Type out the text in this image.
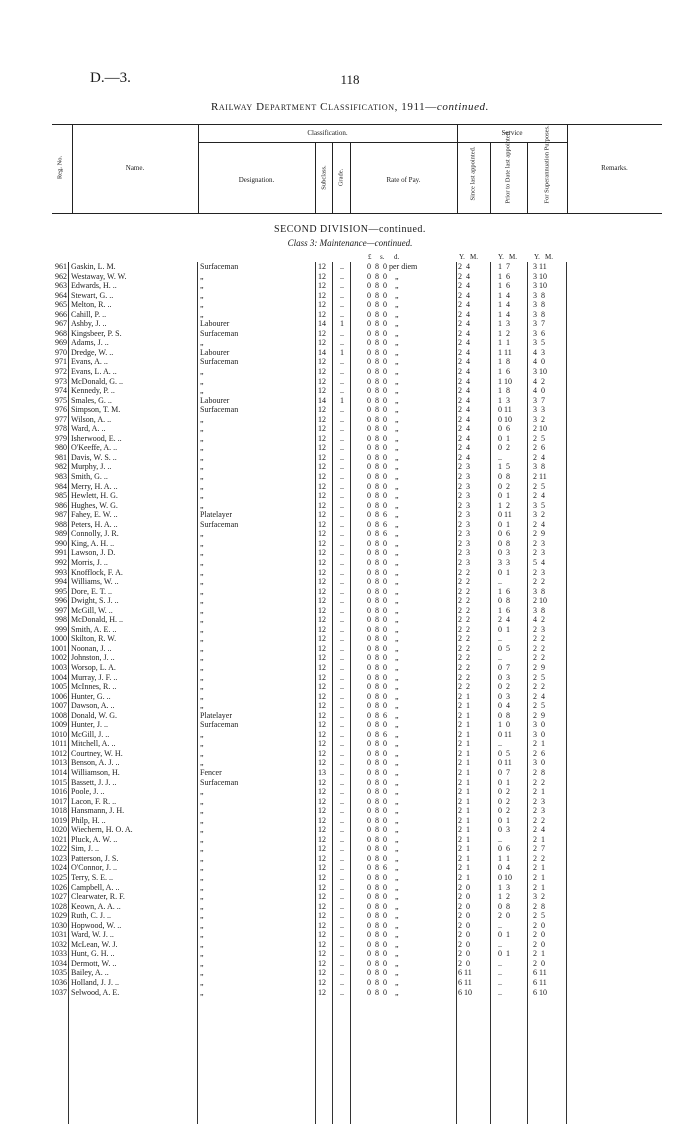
D.—3.	118
Railway Department Classification, 1911—continued.
Reg. No.	Name.
Classification.
Designation.	Subclass. Grade.	Rate of Pay.
Service
Since last appointed.	Prior to Date last appointed.	For Superannuation Purposes.	Remarks.
SECOND DIVISION—continued.
Class 3: Maintenance—continued.
£ s. d.	Y. M.	Y. M. Y. M.
961 Gaskin, L. M.	Surfaceman	12 ..	0  8  0 per diem	2  4	1  7	3 11
962 Westaway, W. W.	„	12 ..	0  8  0    „	2  4	1  6	3 10
963 Edwards, H. ..	„	12 ..	0  8  0    „	2  4	1  6	3 10
964 Stewart, G. ..	„	12 ..	0  8  0    „	2  4	1  4	3  8
965 Melton, R. ..	„	12 ..	0  8  0    „	2  4	1  4	3  8
966 Cahill, P. ..	„	12 ..	0  8  0    „	2  4	1  4	3  8
967 Ashby, J. ..	Labourer	14 1	0  8  0    „	2  4	1  3	3  7
968 Kingsbeer, P. S.	Surfaceman	12 ..	0  8  0    „	2  4	1  2	3  6
969 Adams, J. ..	„	12 ..	0  8  0    „	2  4	1  1	3  5
970 Dredge, W. ..	Labourer	14 1	0  8  0    „	2  4	1 11	4  3
971 Evans, A. ..	Surfaceman	12 ..	0  8  0    „	2  4	1  8	4  0
972 Evans, L. A. ..	„	12 ..	0  8  0    „	2  4	1  6	3 10
973 McDonald, G. ..	„	12 ..	0  8  0    „	2  4	1 10	4  2
974 Kennedy, P. ..	„	12 ..	0  8  0    „	2  4	1  8	4  0
975 Smales, G. ..	Labourer	14 1	0  8  0    „	2  4	1  3	3  7
976 Simpson, T. M.	Surfaceman	12 ..	0  8  0    „	2  4	0 11	3  3
977 Wilson, A. ..	„	12 ..	0  8  0    „	2  4	0 10	3  2
978 Ward, A. ..	„	12 ..	0  8  0    „	2  4	0  6	2 10
979 Isherwood, E. ..	„	12 ..	0  8  0    „	2  4	0  1	2  5
980 O'Keeffe, A. ..	„	12 ..	0  8  0    „	2  4	0  2	2  6
981 Davis, W. S. ..	„	12 ..	0  8  0    „	2  4	..	2  4
982 Murphy, J. ..	„	12 ..	0  8  0    „	2  3	1  5	3  8
983 Smith, G. ..	„	12 ..	0  8  0    „	2  3	0  8	2 11
984 Merry, H. A. ..	„	12 ..	0  8  0    „	2  3	0  2	2  5
985 Hewlett, H. G.	„	12 ..	0  8  0    „	2  3	0  1	2  4
986 Hughes, W. G.	„	12 ..	0  8  0    „	2  3	1  2	3  5
987 Fahey, E. W. ..	Platelayer	12 ..	0  8  6    „	2  3	0 11	3  2
988 Peters, H. A. ..	Surfaceman	12 ..	0  8  6    „	2  3	0  1	2  4
989 Connolly, J. R.	„	12 ..	0  8  6    „	2  3	0  6	2  9
990 King, A. H. ..	„	12 ..	0  8  0    „	2  3	0  8	2  3
991 Lawson, J. D.	„	12 ..	0  8  0    „	2  3	0  3	2  3
992 Morris, J. ..	„	12 ..	0  8  0    „	2  3	3  3	5  4
993 Knofflock, F. A.	„	12 ..	0  8  0    „	2  2	0  1	2  3
994 Williams, W. ..	„	12 ..	0  8  0    „	2  2	..	2  2
995 Dore, E. T. ..	„	12 ..	0  8  0    „	2  2	1  6	3  8
996 Dwight, S. J. ..	„	12 ..	0  8  0    „	2  2	0  8	2 10
997 McGill, W. ..	„	12 ..	0  8  0    „	2  2	1  6	3  8
998 McDonald, H. ..	„	12 ..	0  8  0    „	2  2	2  4	4  2
999 Smith, A. E. ..	„	12 ..	0  8  0    „	2  2	0  1	2  3
1000 Skilton, R. W.	„	12 ..	0  8  0    „	2  2	..	2  2
1001 Noonan, J. ..	„	12 ..	0  8  0    „	2  2	0  5	2  2
1002 Johnston, J. ..	„	12 ..	0  8  0    „	2  2	..	2  2
1003 Worsop, L. A.	„	12 ..	0  8  0    „	2  2	0  7	2  9
1004 Murray, J. F. ..	„	12 ..	0  8  0    „	2  2	0  3	2  5
1005 McInnes, R. ..	„	12 ..	0  8  0    „	2  2	0  2	2  2
1006 Hunter, G. ..	„	12 ..	0  8  0    „	2  1	0  3	2  4
1007 Dawson, A. ..	„	12 ..	0  8  0    „	2  1	0  4	2  5
1008 Donald, W. G.	Platelayer	12 ..	0  8  6    „	2  1	0  8	2  9
1009 Hunter, J. ..	Surfaceman	12 ..	0  8  0    „	2  1	1  0	3  0
1010 McGill, J. ..	„	12 ..	0  8  6    „	2  1	0 11	3  0
1011 Mitchell, A. ..	„	12 ..	0  8  0    „	2  1	..	2  1
1012 Courtney, W. H.	„	12 ..	0  8  0    „	2  1	0  5	2  6
1013 Benson, A. J. ..	„	12 ..	0  8  0    „	2  1	0 11	3  0
1014 Williamson, H.	Fencer	13 ..	0  8  0    „	2  1	0  7	2  8
1015 Bassett, J. J. ..	Surfaceman	12 ..	0  8  0    „	2  1	0  1	2  2
1016 Poole, J. ..	„	12 ..	0  8  0    „	2  1	0  2	2  1
1017 Lacon, F. R. ..	„	12 ..	0  8  0    „	2  1	0  2	2  3
1018 Hansmann, J. H.	„	12 ..	0  8  0    „	2  1	0  2	2  3
1019 Philp, H. ..	„	12 ..	0  8  0    „	2  1	0  1	2  2
1020 Wiechern, H. O. A.	„	12 ..	0  8  0    „	2  1	0  3	2  4
1021 Pluck, A. W. ..	„	12 ..	0  8  0    „	2  1	..	2  1
1022 Sim, J. ..	„	12 ..	0  8  0    „	2  1	0  6	2  7
1023 Patterson, J. S.	„	12 ..	0  8  0    „	2  1	1  1	2  2
1024 O'Connor, J. ..	„	12 ..	0  8  6    „	2  1	0  4	2  1
1025 Terry, S. E. ..	„	12 ..	0  8  0    „	2  1	0 10	2  1
1026 Campbell, A. ..	„	12 ..	0  8  0    „	2  0	1  3	2  1
1027 Clearwater, R. F.	„	12 ..	0  8  0    „	2  0	1  2	3  2
1028 Keown, A. A. ..	„	12 ..	0  8  0    „	2  0	0  8	2  8
1029 Ruth, C. J. ..	„	12 ..	0  8  0    „	2  0	2  0	2  5
1030 Hopwood, W. ..	„	12 ..	0  8  0    „	2  0	..	2  0
1031 Ward, W. J. ..	„	12 ..	0  8  0    „	2  0	0  1	2  0
1032 McLean, W. J.	„	12 ..	0  8  0    „	2  0	..	2  0
1033 Hunt, G. H. ..	„	12 ..	0  8  0    „	2  0	0  1	2  1
1034 Dermott, W. ..	„	12 ..	0  8  0    „	2  0	..	2  0
1035 Bailey, A. ..	„	12 ..	0  8  0    „	6 11	..	6 11
1036 Holland, J. J. ..	„	12 ..	0  8  0    „	6 11	..	6 11
1037 Selwood, A. E.	„	12 ..	0  8  0    „	6 10	..	6 10
